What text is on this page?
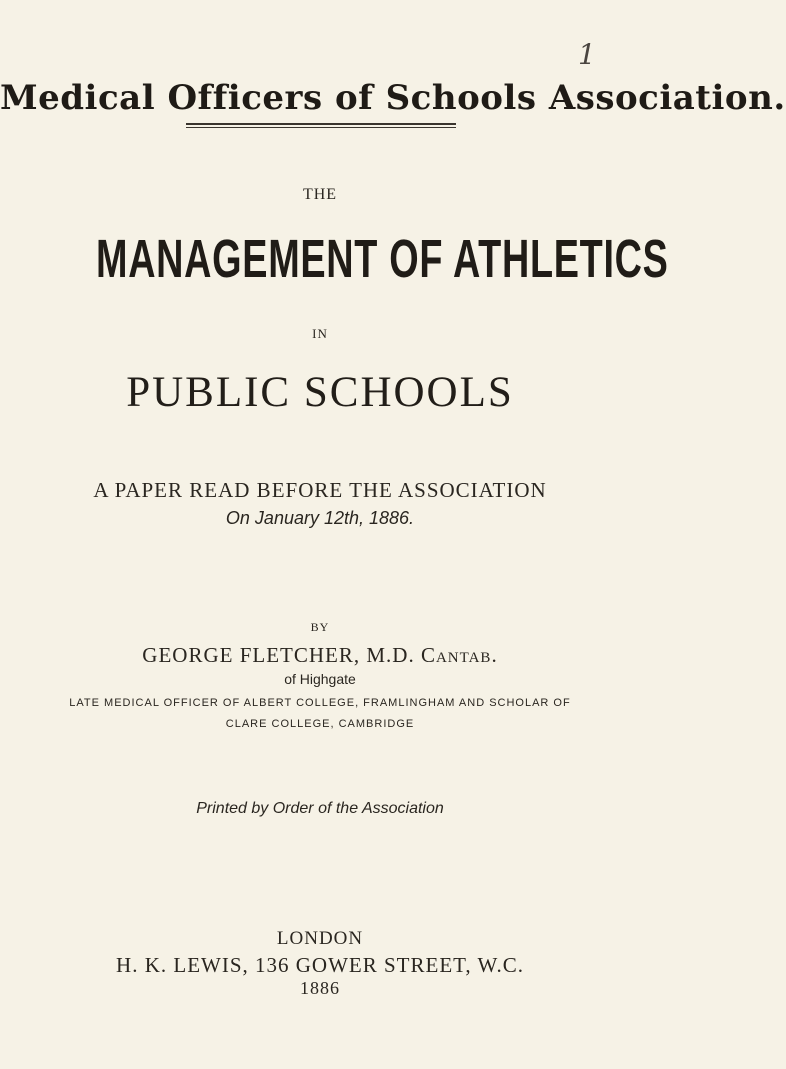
1
Medical Officers of Schools Association.
THE
MANAGEMENT OF ATHLETICS
IN
PUBLIC SCHOOLS
A PAPER READ BEFORE THE ASSOCIATION
On January 12th, 1886.
BY
GEORGE FLETCHER, M.D. Cantab.
of Highgate
LATE MEDICAL OFFICER OF ALBERT COLLEGE, FRAMLINGHAM AND SCHOLAR OF
CLARE COLLEGE, CAMBRIDGE
Printed by Order of the Association
LONDON
H. K. LEWIS, 136 GOWER STREET, W.C.
1886
